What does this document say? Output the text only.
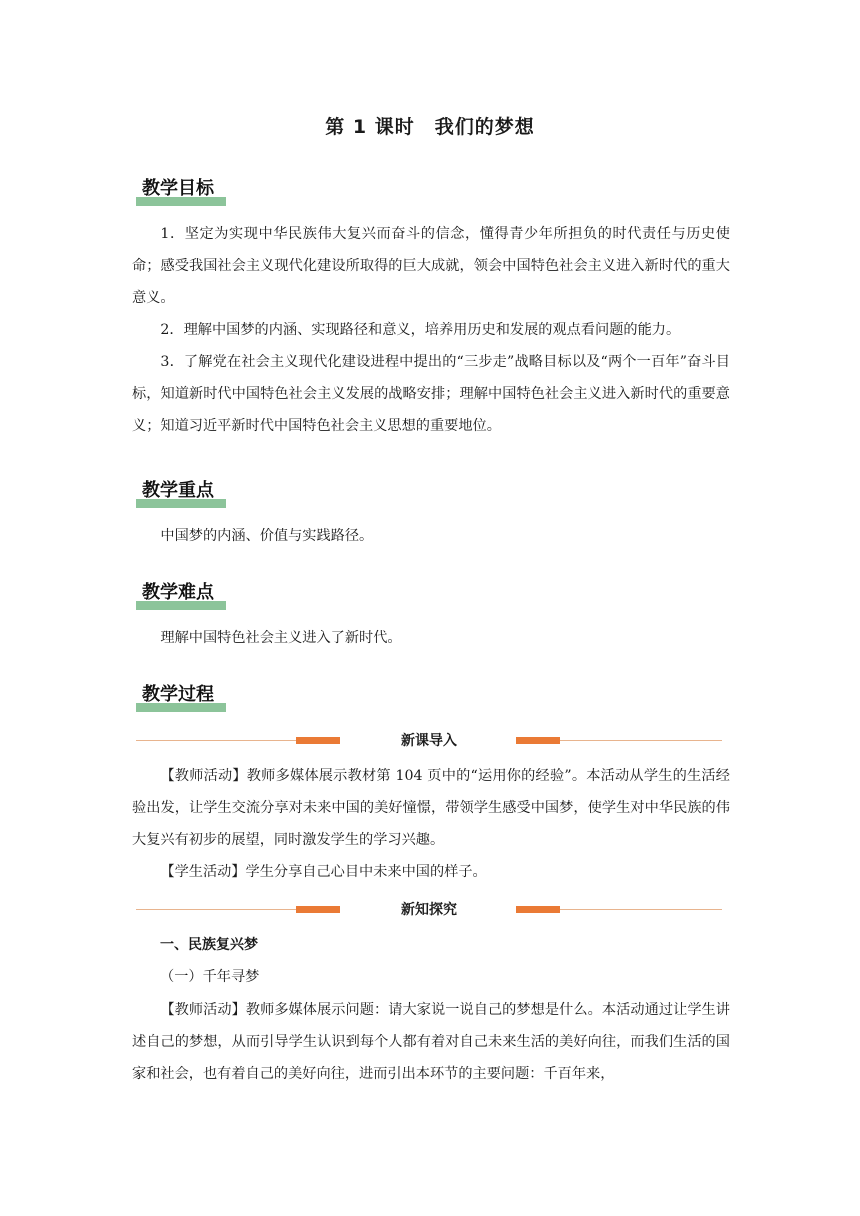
第 1 课时　我们的梦想
教学目标

1．坚定为实现中华民族伟大复兴而奋斗的信念，懂得青少年所担负的时代责任与历史使命；感受我国社会主义现代化建设所取得的巨大成就，领会中国特色社会主义进入新时代的重大意义。

2．理解中国梦的内涵、实现路径和意义，培养用历史和发展的观点看问题的能力。

3．了解党在社会主义现代化建设进程中提出的“三步走”战略目标以及“两个一百年”奋斗目标，知道新时代中国特色社会主义发展的战略安排；理解中国特色社会主义进入新时代的重要意义；知道习近平新时代中国特色社会主义思想的重要地位。

教学重点

中国梦的内涵、价值与实践路径。

教学难点

理解中国特色社会主义进入了新时代。

教学过程
新课导入

【教师活动】教师多媒体展示教材第 104 页中的“运用你的经验”。本活动从学生的生活经验出发，让学生交流分享对未来中国的美好憧憬，带领学生感受中国梦，使学生对中华民族的伟大复兴有初步的展望，同时激发学生的学习兴趣。

【学生活动】学生分享自己心目中未来中国的样子。

新知探究
一、民族复兴梦
（一）千年寻梦

【教师活动】教师多媒体展示问题：请大家说一说自己的梦想是什么。本活动通过让学生讲述自己的梦想，从而引导学生认识到每个人都有着对自己未来生活的美好向往，而我们生活的国家和社会，也有着自己的美好向往，进而引出本环节的主要问题：千百年来，
